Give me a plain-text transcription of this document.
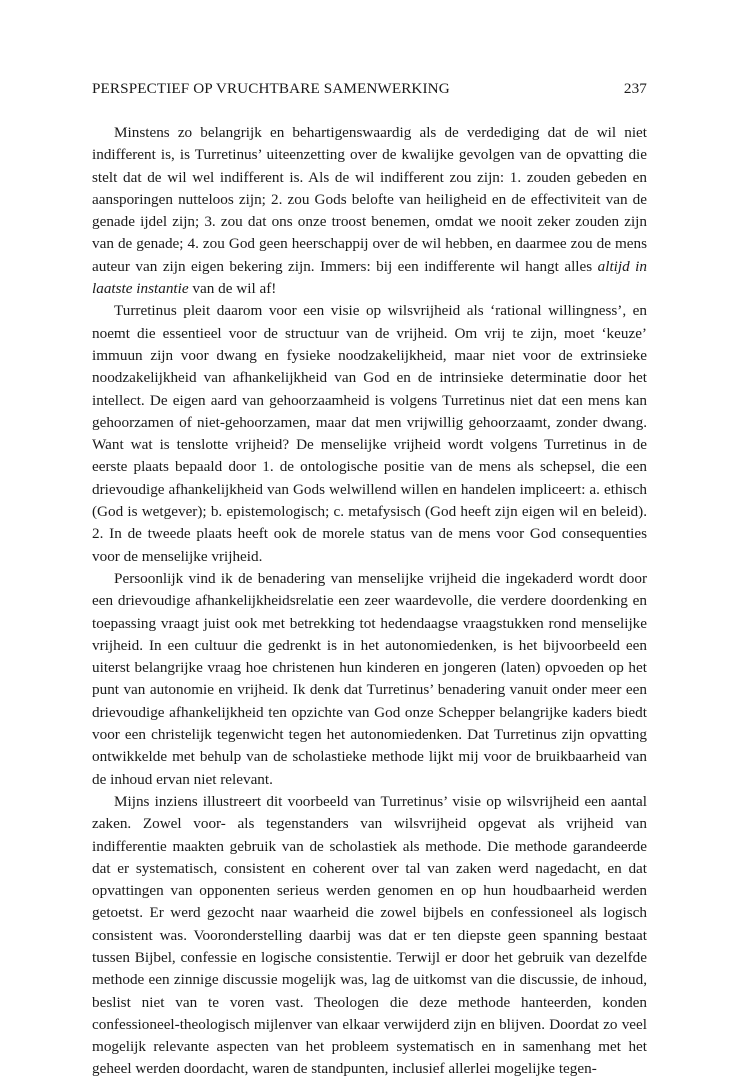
PERSPECTIEF OP VRUCHTBARE SAMENWERKING	237

Minstens zo belangrijk en behartigenswaardig als de verdediging dat de wil niet indifferent is, is Turretinus’ uiteenzetting over de kwalijke gevolgen van de opvatting die stelt dat de wil wel indifferent is. Als de wil indifferent zou zijn: 1. zouden gebeden en aansporingen nutteloos zijn; 2. zou Gods belofte van heiligheid en de effectiviteit van de genade ijdel zijn; 3. zou dat ons onze troost benemen, omdat we nooit zeker zouden zijn van de genade; 4. zou God geen heerschappij over de wil hebben, en daarmee zou de mens auteur van zijn eigen bekering zijn. Immers: bij een indifferente wil hangt alles altijd in laatste instantie van de wil af!

Turretinus pleit daarom voor een visie op wilsvrijheid als ‘rational willingness’, en noemt die essentieel voor de structuur van de vrijheid. Om vrij te zijn, moet ‘keuze’ immuun zijn voor dwang en fysieke noodzakelijkheid, maar niet voor de extrinsieke noodzakelijkheid van afhankelijkheid van God en de intrinsieke determinatie door het intellect. De eigen aard van gehoorzaamheid is volgens Turretinus niet dat een mens kan gehoorzamen of niet-gehoorzamen, maar dat men vrijwillig gehoorzaamt, zonder dwang. Want wat is tenslotte vrijheid? De menselijke vrijheid wordt volgens Turretinus in de eerste plaats bepaald door 1. de ontologische positie van de mens als schepsel, die een drievoudige afhankelijkheid van Gods welwillend willen en handelen impliceert: a. ethisch (God is wetgever); b. epistemologisch; c. metafysisch (God heeft zijn eigen wil en beleid). 2. In de tweede plaats heeft ook de morele status van de mens voor God consequenties voor de menselijke vrijheid.

Persoonlijk vind ik de benadering van menselijke vrijheid die ingekaderd wordt door een drievoudige afhankelijkheidsrelatie een zeer waardevolle, die verdere doordenking en toepassing vraagt juist ook met betrekking tot hedendaagse vraagstukken rond menselijke vrijheid. In een cultuur die gedrenkt is in het autonomiedenken, is het bijvoorbeeld een uiterst belangrijke vraag hoe christenen hun kinderen en jongeren (laten) opvoeden op het punt van autonomie en vrijheid. Ik denk dat Turretinus’ benadering vanuit onder meer een drievoudige afhankelijkheid ten opzichte van God onze Schepper belangrijke kaders biedt voor een christelijk tegenwicht tegen het autonomiedenken. Dat Turretinus zijn opvatting ontwikkelde met behulp van de scholastieke methode lijkt mij voor de bruikbaarheid van de inhoud ervan niet relevant.

Mijns inziens illustreert dit voorbeeld van Turretinus’ visie op wilsvrijheid een aantal zaken. Zowel voor- als tegenstanders van wilsvrijheid opgevat als vrijheid van indifferentie maakten gebruik van de scholastiek als methode. Die methode garandeerde dat er systematisch, consistent en coherent over tal van zaken werd nagedacht, en dat opvattingen van opponenten serieus werden genomen en op hun houdbaarheid werden getoetst. Er werd gezocht naar waarheid die zowel bijbels en confessioneel als logisch consistent was. Vooronderstelling daarbij was dat er ten diepste geen spanning bestaat tussen Bijbel, confessie en logische consistentie. Terwijl er door het gebruik van dezelfde methode een zinnige discussie mogelijk was, lag de uitkomst van die discussie, de inhoud, beslist niet van te voren vast. Theologen die deze methode hanteerden, konden confessioneel-theologisch mijlenver van elkaar verwijderd zijn en blijven. Doordat zo veel mogelijk relevante aspecten van het probleem systematisch en in samenhang met het geheel werden doordacht, waren de standpunten, inclusief allerlei mogelijke tegen-
